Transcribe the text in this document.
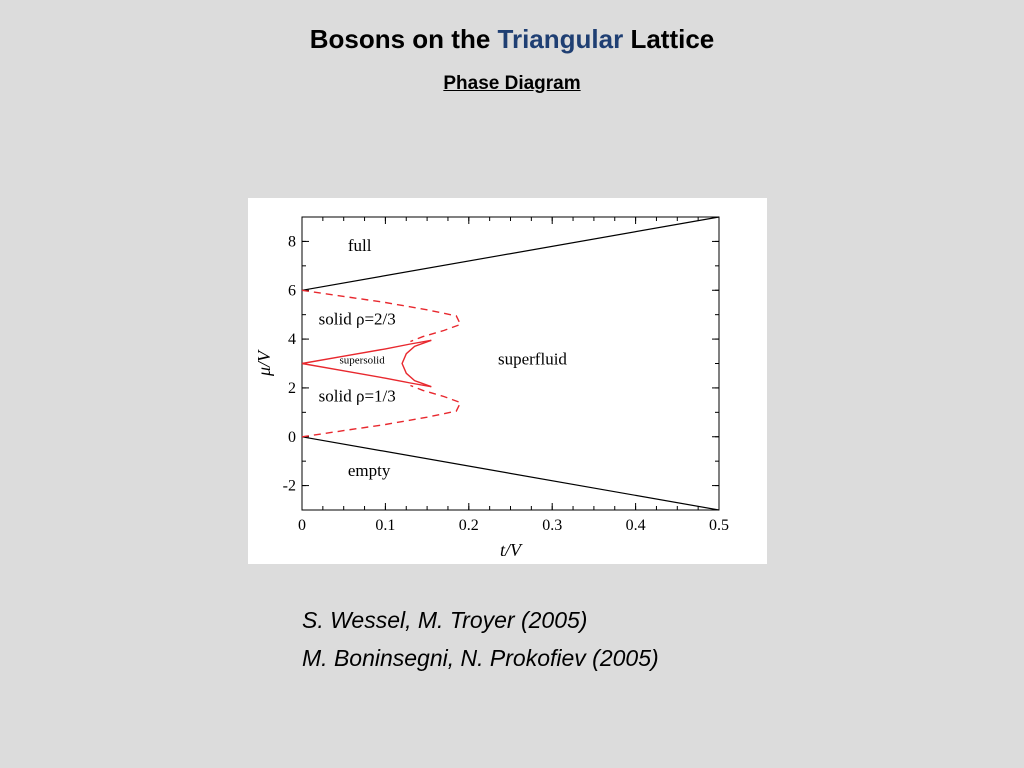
Bosons on the Triangular Lattice
Phase Diagram
0	0.1	0.2	0.3	0.4	0.5
-2
0
2
4
6
8
t/V
μ/V
full
solid ρ=2/3
supersolid	superfluid
solid ρ=1/3
empty
S. Wessel, M. Troyer (2005)
M. Boninsegni, N. Prokofiev (2005)
